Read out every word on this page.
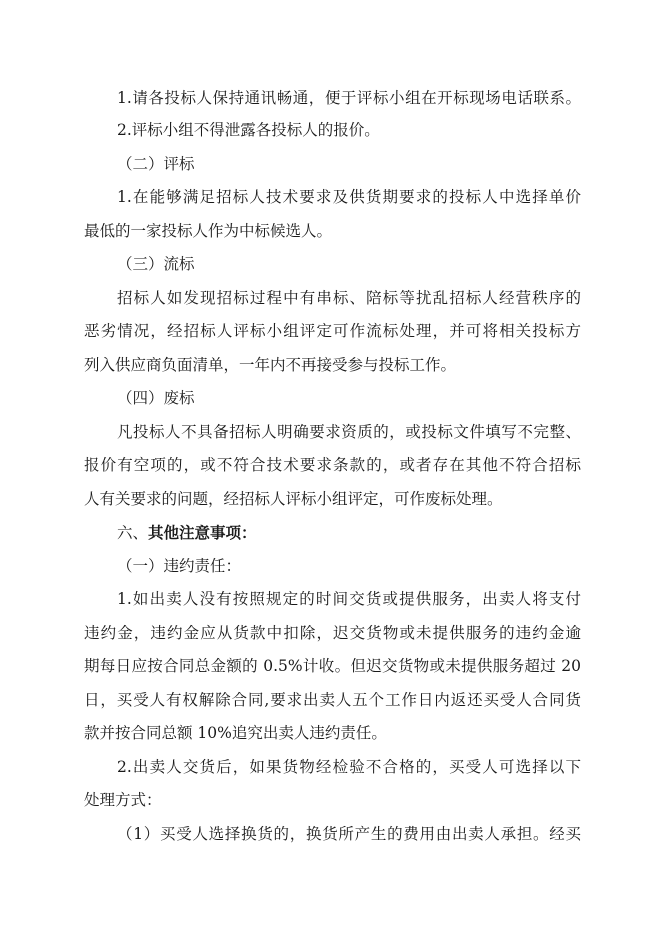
1.请各投标人保持通讯畅通，便于评标小组在开标现场电话联系。
2.评标小组不得泄露各投标人的报价。
（二）评标
1.在能够满足招标人技术要求及供货期要求的投标人中选择单价
最低的一家投标人作为中标候选人。
（三）流标
招标人如发现招标过程中有串标、陪标等扰乱招标人经营秩序的
恶劣情况，经招标人评标小组评定可作流标处理，并可将相关投标方
列入供应商负面清单，一年内不再接受参与投标工作。
（四）废标
凡投标人不具备招标人明确要求资质的，或投标文件填写不完整、
报价有空项的，或不符合技术要求条款的，或者存在其他不符合招标
人有关要求的问题，经招标人评标小组评定，可作废标处理。
六、其他注意事项：
（一）违约责任：
1.如出卖人没有按照规定的时间交货或提供服务，出卖人将支付
违约金，违约金应从货款中扣除，迟交货物或未提供服务的违约金逾
期每日应按合同总金额的 0.5%计收。但迟交货物或未提供服务超过 20
日，买受人有权解除合同,要求出卖人五个工作日内返还买受人合同货
款并按合同总额 10%追究出卖人违约责任。
2.出卖人交货后，如果货物经检验不合格的，买受人可选择以下
处理方式：
（1）买受人选择换货的，换货所产生的费用由出卖人承担。经买
